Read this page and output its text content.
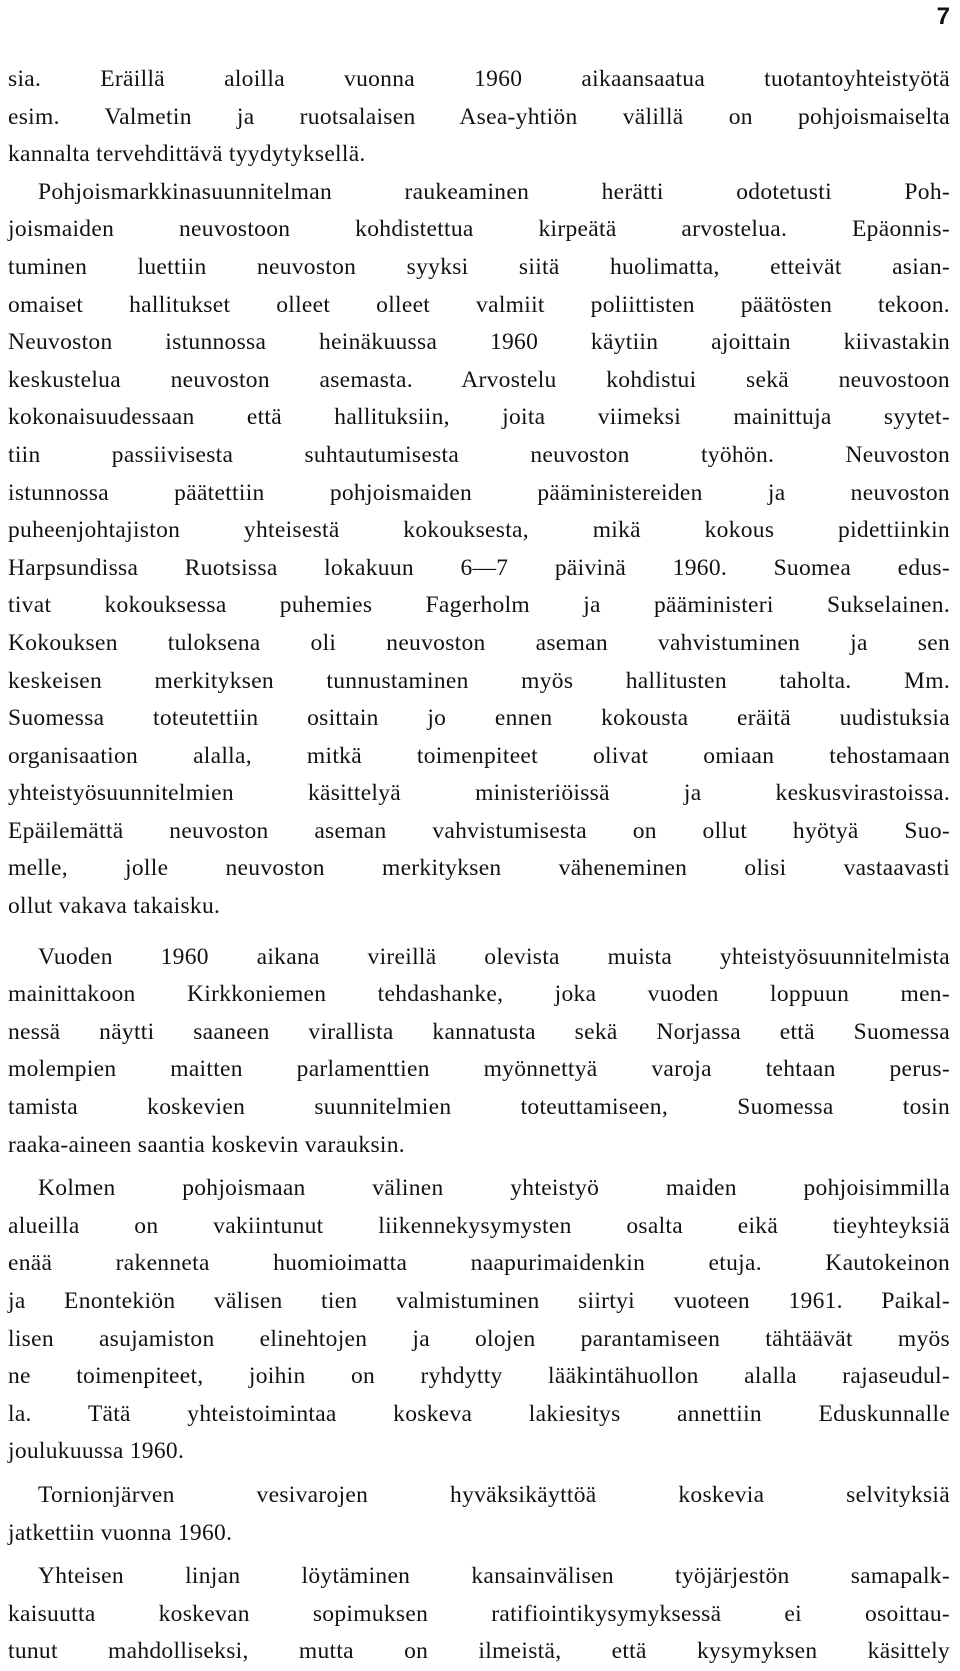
7

sia. Eräillä aloilla vuonna 1960 aikaansaatua tuotantoyhteistyötä
esim. Valmetin ja ruotsalaisen Asea-yhtiön välillä on pohjoismaiselta
kannalta tervehdittävä tyydytyksellä.

Pohjoismarkkinasuunnitelman raukeaminen herätti odotetusti Poh-
joismaiden neuvostoon kohdistettua kirpeätä arvostelua. Epäonnis-
tuminen luettiin neuvoston syyksi siitä huolimatta, etteivät asian-
omaiset hallitukset olleet olleet valmiit poliittisten päätösten tekoon.
Neuvoston istunnossa heinäkuussa 1960 käytiin ajoittain kiivastakin
keskustelua neuvoston asemasta. Arvostelu kohdistui sekä neuvostoon
kokonaisuudessaan että hallituksiin, joita viimeksi mainittuja syytet-
tiin passiivisesta suhtautumisesta neuvoston työhön. Neuvoston
istunnossa päätettiin pohjoismaiden pääministereiden ja neuvoston
puheenjohtajiston yhteisestä kokouksesta, mikä kokous pidettiinkin
Harpsundissa Ruotsissa lokakuun 6—7 päivinä 1960. Suomea edus-
tivat kokouksessa puhemies Fagerholm ja pääministeri Sukselainen.
Kokouksen tuloksena oli neuvoston aseman vahvistuminen ja sen
keskeisen merkityksen tunnustaminen myös hallitusten taholta. Mm.
Suomessa toteutettiin osittain jo ennen kokousta eräitä uudistuksia
organisaation alalla, mitkä toimenpiteet olivat omiaan tehostamaan
yhteistyösuunnitelmien käsittelyä ministeriöissä ja keskusvirastoissa.
Epäilemättä neuvoston aseman vahvistumisesta on ollut hyötyä Suo-
melle, jolle neuvoston merkityksen väheneminen olisi vastaavasti
ollut vakava takaisku.

Vuoden 1960 aikana vireillä olevista muista yhteistyösuunnitelmista
mainittakoon Kirkkoniemen tehdashanke, joka vuoden loppuun men-
nessä näytti saaneen virallista kannatusta sekä Norjassa että Suomessa
molempien maitten parlamenttien myönnettyä varoja tehtaan perus-
tamista koskevien suunnitelmien toteuttamiseen, Suomessa tosin
raaka-aineen saantia koskevin varauksin.

Kolmen pohjoismaan välinen yhteistyö maiden pohjoisimmilla
alueilla on vakiintunut liikennekysymysten osalta eikä tieyhteyksiä
enää rakenneta huomioimatta naapurimaidenkin etuja. Kautokeinon
ja Enontekiön välisen tien valmistuminen siirtyi vuoteen 1961. Paikal-
lisen asujamiston elinehtojen ja olojen parantamiseen tähtäävät myös
ne toimenpiteet, joihin on ryhdytty lääkintähuollon alalla rajaseudul-
la. Tätä yhteistoimintaa koskeva lakiesitys annettiin Eduskunnalle
joulukuussa 1960.

Tornionjärven vesivarojen hyväksikäyttöä koskevia selvityksiä
jatkettiin vuonna 1960.

Yhteisen linjan löytäminen kansainvälisen työjärjestön samapalk-
kaisuutta koskevan sopimuksen ratifiointikysymyksessä ei osoittau-
tunut mahdolliseksi, mutta on ilmeistä, että kysymyksen käsittely
